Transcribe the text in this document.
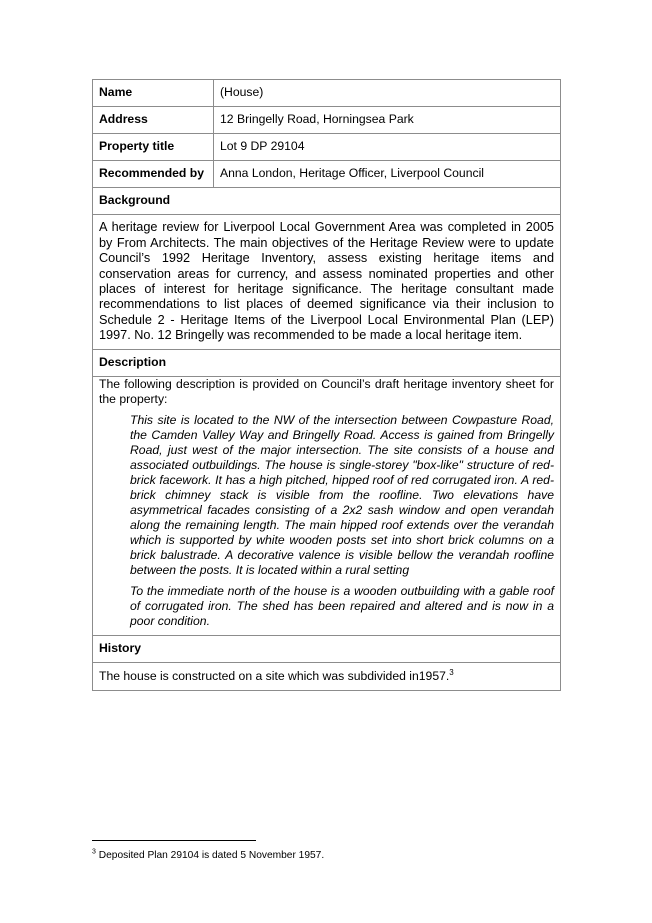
Name	(House)
Address	12 Bringelly Road, Horningsea Park
Property title	Lot 9 DP 29104
Recommended by	Anna London, Heritage Officer, Liverpool Council
Background	

A heritage review for Liverpool Local Government Area was completed in 2005 by From Architects. The main objectives of the Heritage Review were to update Council’s 1992 Heritage Inventory, assess existing heritage items and conservation areas for currency, and assess nominated properties and other places of interest for heritage significance. The heritage consultant made recommendations to list places of deemed significance via their inclusion to Schedule 2 - Heritage Items of the Liverpool Local Environmental Plan (LEP) 1997. No. 12 Bringelly was recommended to be made a local heritage item.	

Description	

The following description is provided on Council’s draft heritage inventory sheet for the property:

This site is located to the NW of the intersection between Cowpasture Road, the Camden Valley Way and Bringelly Road. Access is gained from Bringelly Road, just west of the major intersection. The site consists of a house and associated outbuildings. The house is single-storey "box-like" structure of red-brick facework. It has a high pitched, hipped roof of red corrugated iron. A red-brick chimney stack is visible from the roofline. Two elevations have asymmetrical facades consisting of a 2x2 sash window and open verandah along the remaining length. The main hipped roof extends over the verandah which is supported by white wooden posts set into short brick columns on a brick balustrade. A decorative valence is visible bellow the verandah roofline between the posts. It is located within a rural setting

To the immediate north of the house is a wooden outbuilding with a gable roof of corrugated iron. The shed has been repaired and altered and is now in a poor condition.	

History	
The house is constructed on a site which was subdivided in1957.$^3$
$^3$ Deposited Plan 29104 is dated 5 November 1957.
